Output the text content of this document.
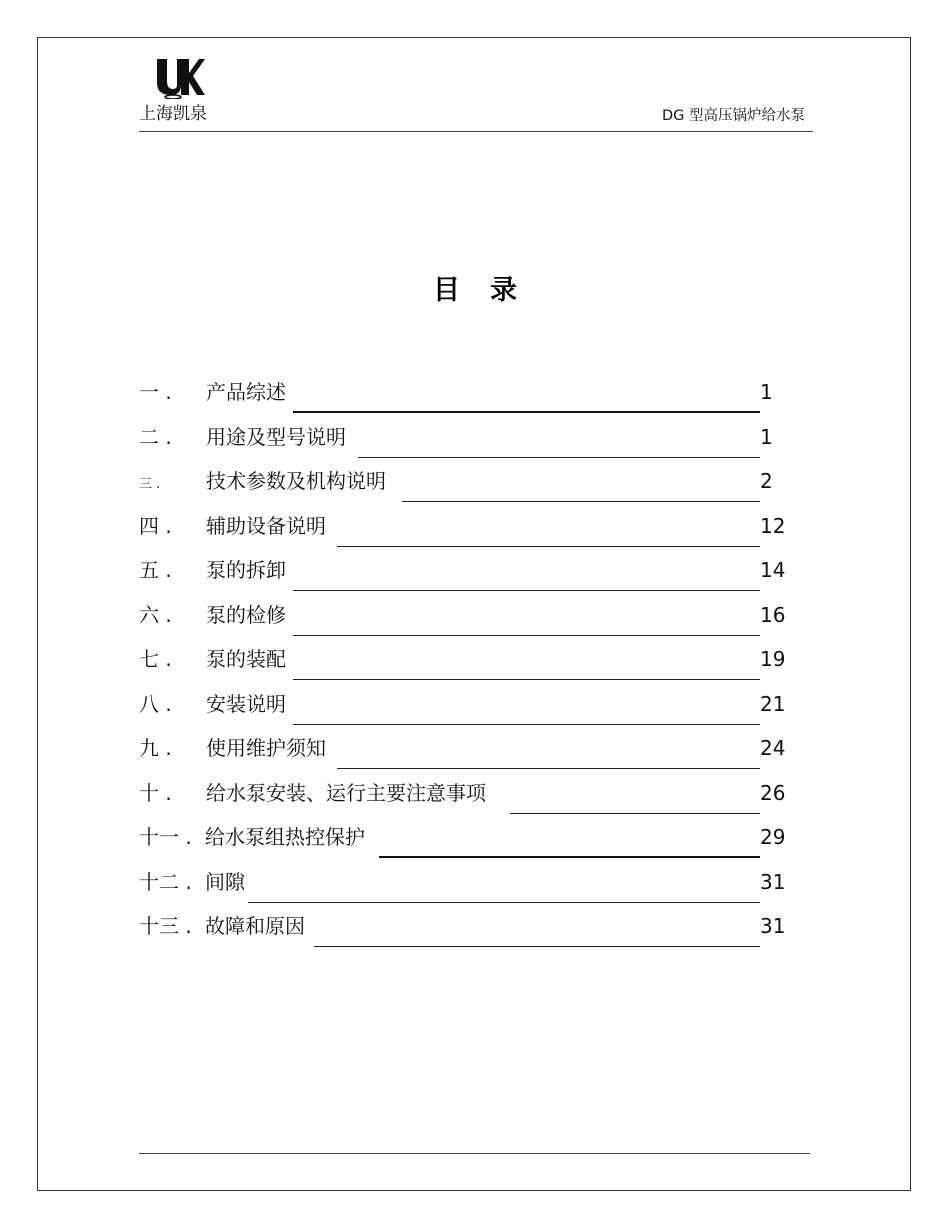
上海凯泉	DG 型高压锅炉给水泵
目 录
一 . 产品综述	1
二 . 用途及型号说明	1
三 . 技术参数及机构说明	2
四 . 辅助设备说明	12
五 . 泵的拆卸	14
六 . 泵的检修	16
七 . 泵的装配	19
八 . 安装说明	21
九 . 使用维护须知	24
十 . 给水泵安装、运行主要注意事项	26
十一 . 给水泵组热控保护	29
十二 . 间隙	31
十三 . 故障和原因	31
